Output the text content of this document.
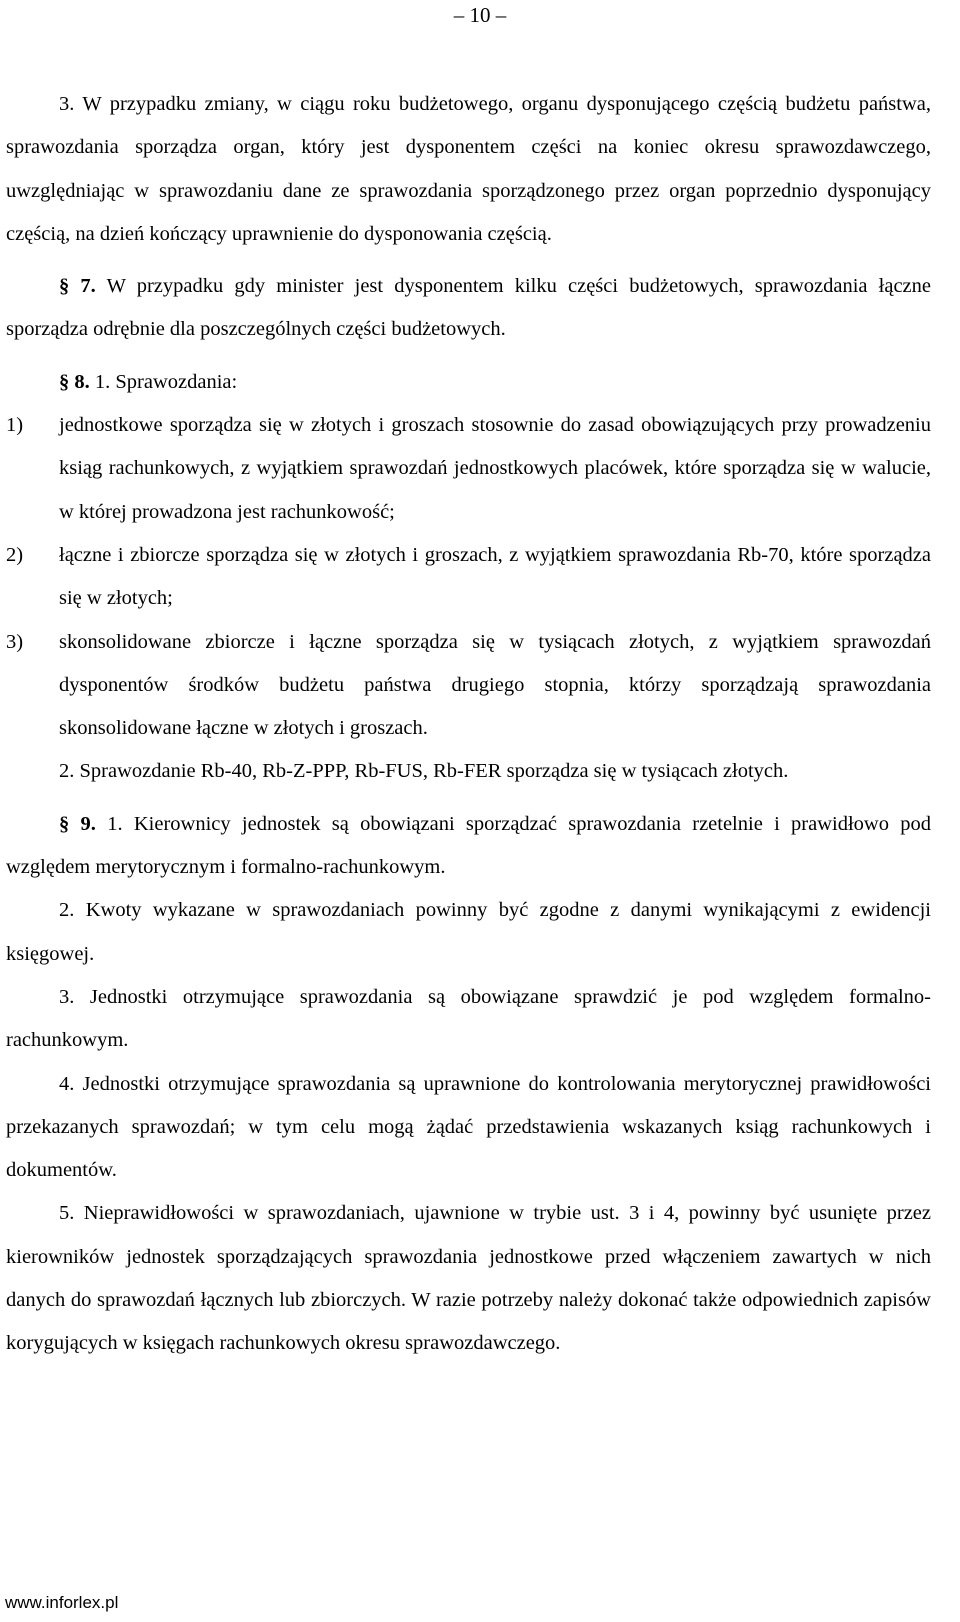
– 10 –

3. W przypadku zmiany, w ciągu roku budżetowego, organu dysponującego częścią budżetu państwa, sprawozdania sporządza organ, który jest dysponentem części na koniec okresu sprawozdawczego, uwzględniając w sprawozdaniu dane ze sprawozdania sporządzonego przez organ poprzednio dysponujący częścią, na dzień kończący uprawnienie do dysponowania częścią.

§ 7. W przypadku gdy minister jest dysponentem kilku części budżetowych, sprawozdania łączne sporządza odrębnie dla poszczególnych części budżetowych.

§ 8. 1. Sprawozdania:

1) jednostkowe sporządza się w złotych i groszach stosownie do zasad obowiązujących przy prowadzeniu ksiąg rachunkowych, z wyjątkiem sprawozdań jednostkowych placówek, które sporządza się w walucie, w której prowadzona jest rachunkowość;

2) łączne i zbiorcze sporządza się w złotych i groszach, z wyjątkiem sprawozdania Rb-70, które sporządza się w złotych;

3) skonsolidowane zbiorcze i łączne sporządza się w tysiącach złotych, z wyjątkiem sprawozdań dysponentów środków budżetu państwa drugiego stopnia, którzy sporządzają sprawozdania skonsolidowane łączne w złotych i groszach.

2. Sprawozdanie Rb-40, Rb-Z-PPP, Rb-FUS, Rb-FER sporządza się w tysiącach złotych.

§ 9. 1. Kierownicy jednostek są obowiązani sporządzać sprawozdania rzetelnie i prawidłowo pod względem merytorycznym i formalno-rachunkowym.

2. Kwoty wykazane w sprawozdaniach powinny być zgodne z danymi wynikającymi z ewidencji księgowej.

3. Jednostki otrzymujące sprawozdania są obowiązane sprawdzić je pod względem formalno-rachunkowym.

4. Jednostki otrzymujące sprawozdania są uprawnione do kontrolowania merytorycznej prawidłowości przekazanych sprawozdań; w tym celu mogą żądać przedstawienia wskazanych ksiąg rachunkowych i dokumentów.

5. Nieprawidłowości w sprawozdaniach, ujawnione w trybie ust. 3 i 4, powinny być usunięte przez kierowników jednostek sporządzających sprawozdania jednostkowe przed włączeniem zawartych w nich danych do sprawozdań łącznych lub zbiorczych. W razie potrzeby należy dokonać także odpowiednich zapisów korygujących w księgach rachunkowych okresu sprawozdawczego.

www.inforlex.pl
